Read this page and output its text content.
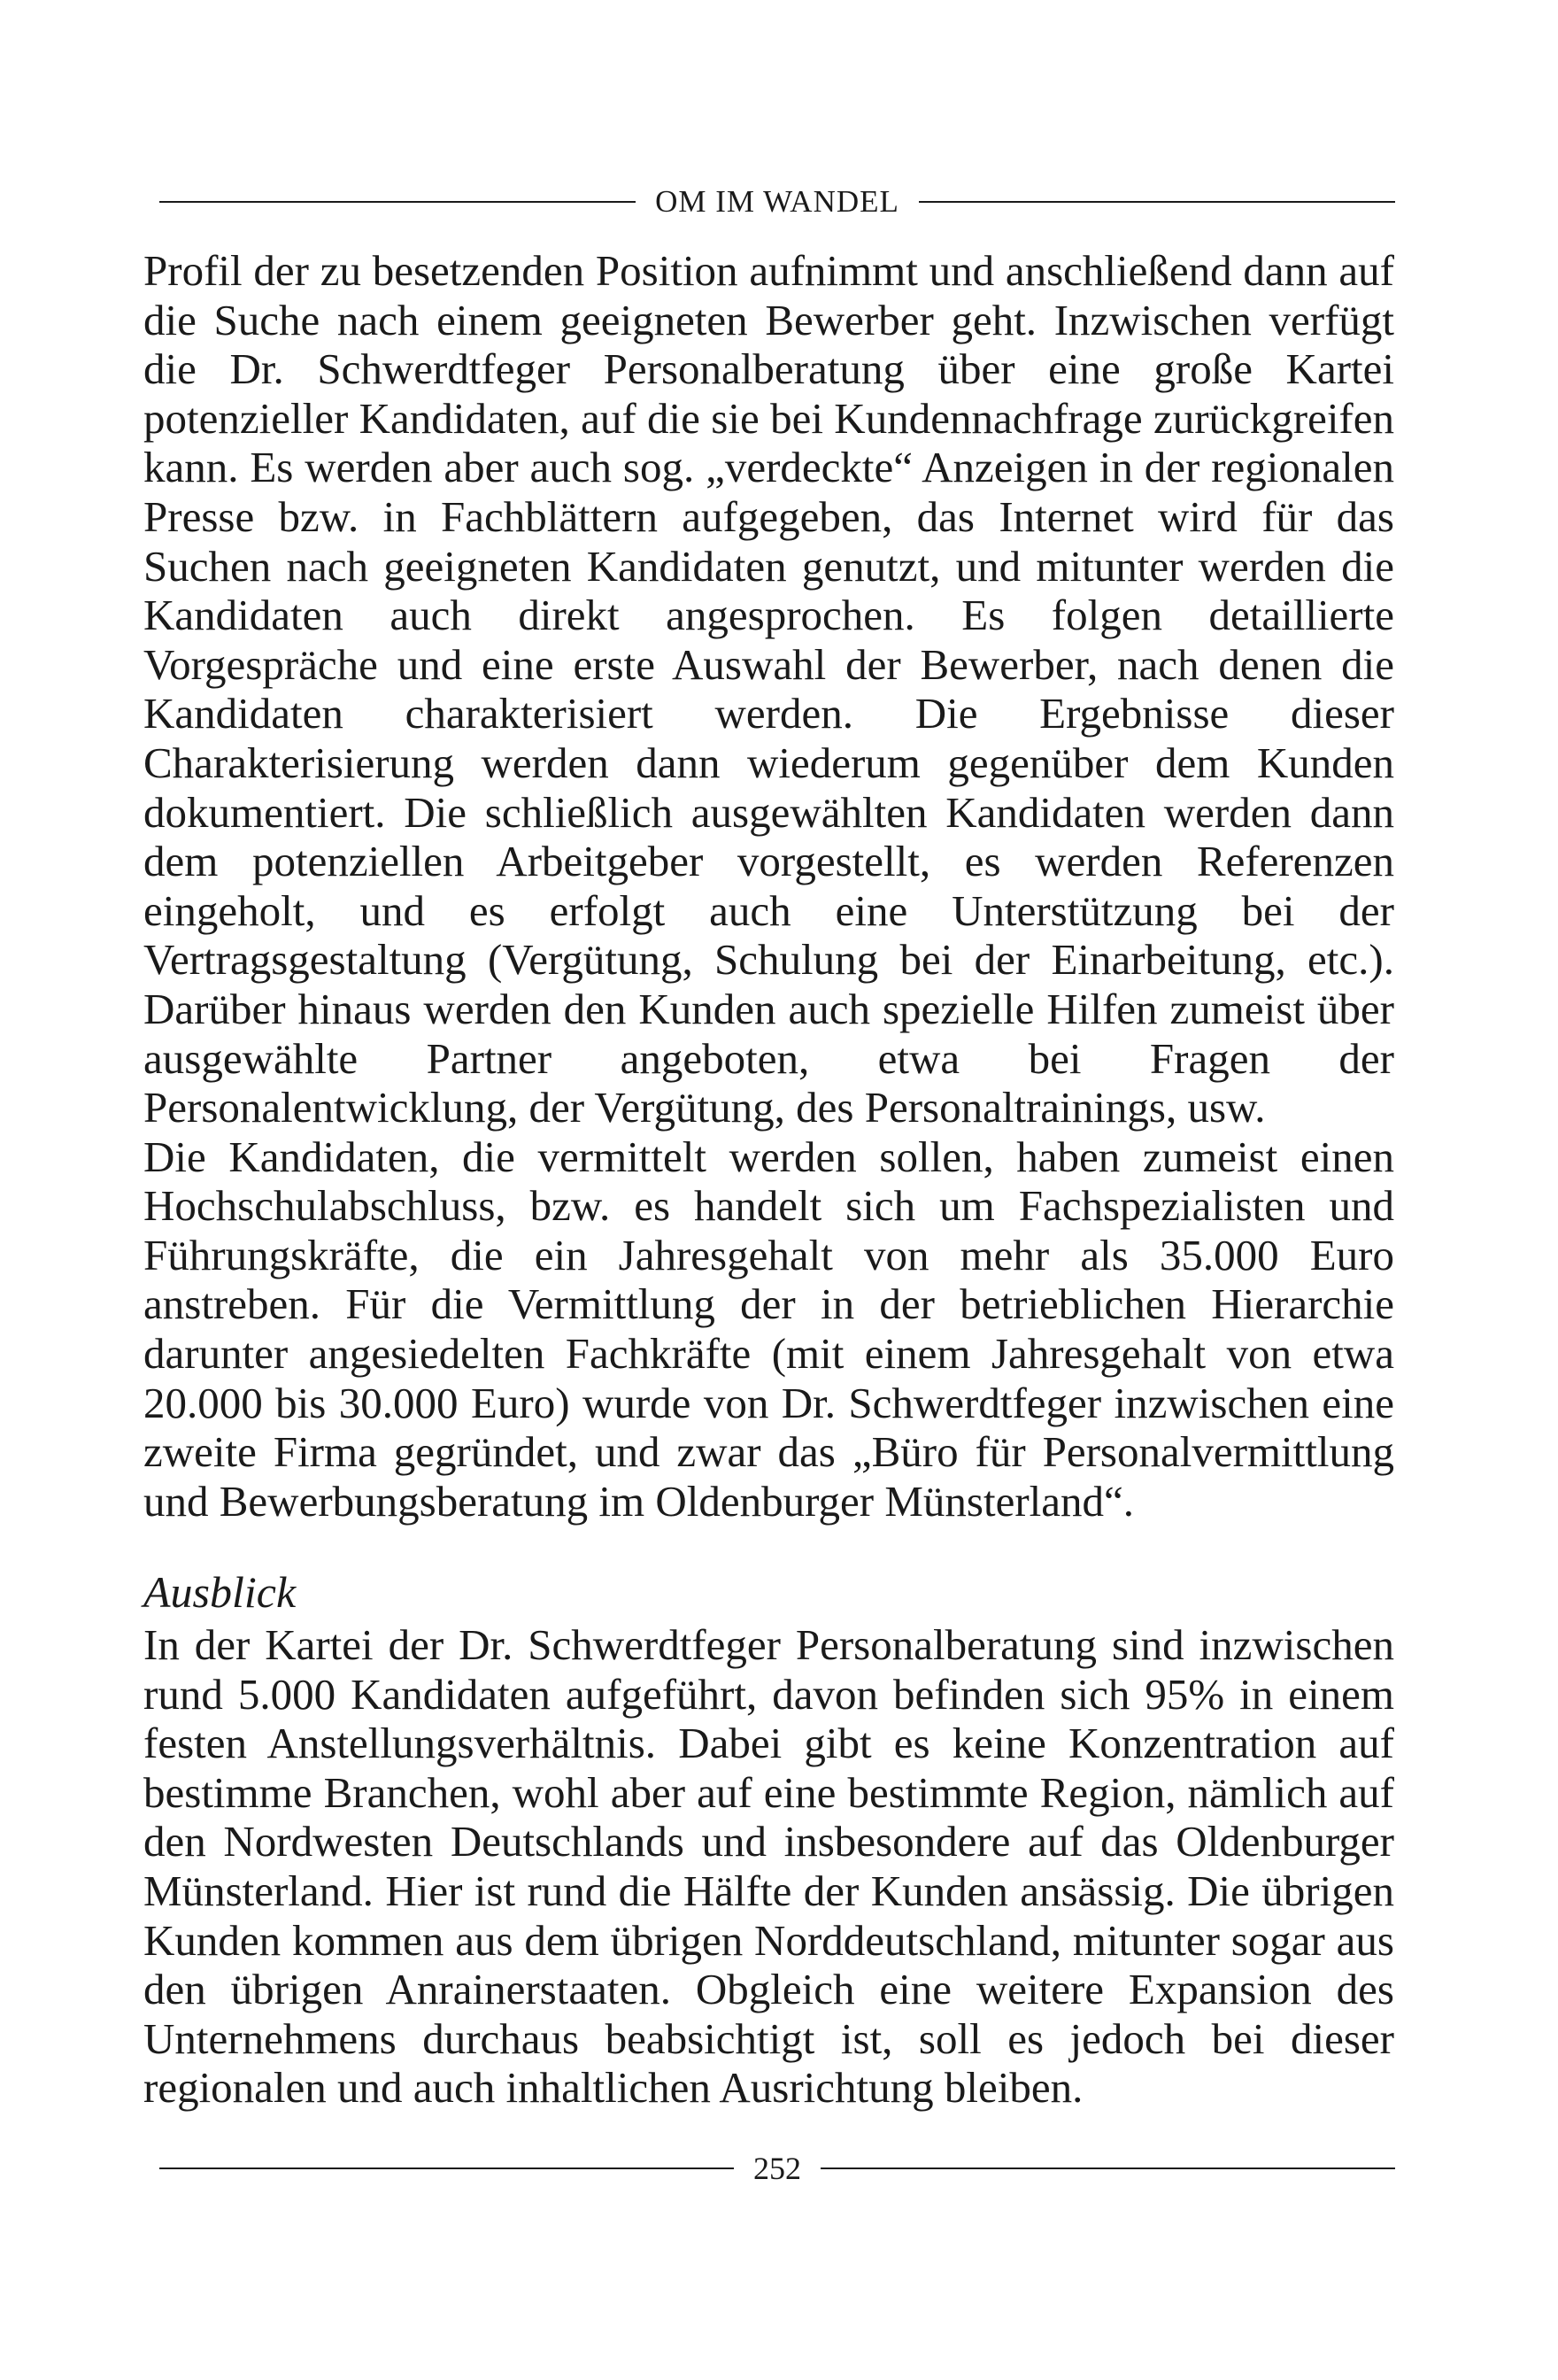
OM IM WANDEL

Profil der zu besetzenden Position aufnimmt und anschließend dann auf die Suche nach einem geeigneten Bewerber geht. Inzwischen verfügt die Dr. Schwerdtfeger Personalberatung über eine große Kartei potenzieller Kandidaten, auf die sie bei Kundennachfrage zurückgreifen kann. Es werden aber auch sog. „verdeckte“ Anzeigen in der regionalen Presse bzw. in Fachblättern aufgegeben, das Internet wird für das Suchen nach geeigneten Kandidaten genutzt, und mitunter werden die Kandidaten auch direkt angesprochen. Es folgen detaillierte Vorgespräche und eine erste Auswahl der Bewerber, nach denen die Kandidaten charakterisiert werden. Die Ergebnisse dieser Charakterisierung werden dann wiederum gegenüber dem Kunden dokumentiert. Die schließlich ausgewählten Kandidaten werden dann dem potenziellen Arbeitgeber vorgestellt, es werden Referenzen eingeholt, und es erfolgt auch eine Unterstützung bei der Vertragsgestaltung (Vergütung, Schulung bei der Einarbeitung, etc.). Darüber hinaus werden den Kunden auch spezielle Hilfen zumeist über ausgewählte Partner angeboten, etwa bei Fragen der Personalentwicklung, der Vergütung, des Personaltrainings, usw.

Die Kandidaten, die vermittelt werden sollen, haben zumeist einen Hochschulabschluss, bzw. es handelt sich um Fachspezialisten und Führungskräfte, die ein Jahresgehalt von mehr als 35.000 Euro anstreben. Für die Vermittlung der in der betrieblichen Hierarchie darunter angesiedelten Fachkräfte (mit einem Jahresgehalt von etwa 20.000 bis 30.000 Euro) wurde von Dr. Schwerdtfeger inzwischen eine zweite Firma gegründet, und zwar das „Büro für Personalvermittlung und Bewerbungsberatung im Oldenburger Münsterland“.

Ausblick

In der Kartei der Dr. Schwerdtfeger Personalberatung sind inzwischen rund 5.000 Kandidaten aufgeführt, davon befinden sich 95% in einem festen Anstellungsverhältnis. Dabei gibt es keine Konzentration auf bestimme Branchen, wohl aber auf eine bestimmte Region, nämlich auf den Nordwesten Deutschlands und insbesondere auf das Oldenburger Münsterland. Hier ist rund die Hälfte der Kunden ansässig. Die übrigen Kunden kommen aus dem übrigen Norddeutschland, mitunter sogar aus den übrigen Anrainerstaaten. Obgleich eine weitere Expansion des Unternehmens durchaus beabsichtigt ist, soll es jedoch bei dieser regionalen und auch inhaltlichen Ausrichtung bleiben.

252
